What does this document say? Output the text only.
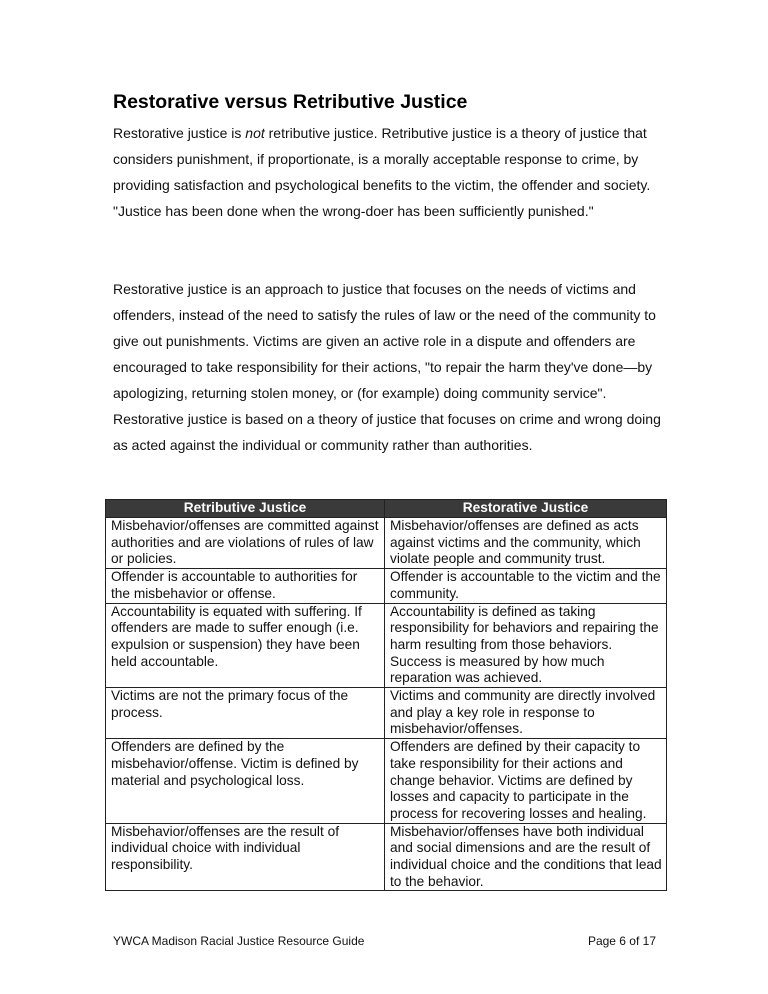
Restorative versus Retributive Justice

Restorative justice is not retributive justice. Retributive justice is a theory of justice that considers punishment, if proportionate, is a morally acceptable response to crime, by providing satisfaction and psychological benefits to the victim, the offender and society. "Justice has been done when the wrong-doer has been sufficiently punished."

Restorative justice is an approach to justice that focuses on the needs of victims and offenders, instead of the need to satisfy the rules of law or the need of the community to give out punishments. Victims are given an active role in a dispute and offenders are encouraged to take responsibility for their actions, "to repair the harm they've done—by apologizing, returning stolen money, or (for example) doing community service". Restorative justice is based on a theory of justice that focuses on crime and wrong doing as acted against the individual or community rather than authorities.

Retributive Justice	Restorative Justice
Misbehavior/offenses are committed against authorities and are violations of rules of law or policies.	Misbehavior/offenses are defined as acts against victims and the community, which violate people and community trust.
Offender is accountable to authorities for the misbehavior or offense.	Offender is accountable to the victim and the community.
Accountability is equated with suffering. If offenders are made to suffer enough (i.e. expulsion or suspension) they have been held accountable.	Accountability is defined as taking responsibility for behaviors and repairing the harm resulting from those behaviors. Success is measured by how much reparation was achieved.
Victims are not the primary focus of the process.	Victims and community are directly involved and play a key role in response to misbehavior/offenses.
Offenders are defined by the misbehavior/offense. Victim is defined by material and psychological loss.	Offenders are defined by their capacity to take responsibility for their actions and change behavior. Victims are defined by losses and capacity to participate in the process for recovering losses and healing.
Misbehavior/offenses are the result of individual choice with individual responsibility.	Misbehavior/offenses have both individual and social dimensions and are the result of individual choice and the conditions that lead to the behavior.

YWCA Madison Racial Justice Resource Guide	Page 6 of 17
